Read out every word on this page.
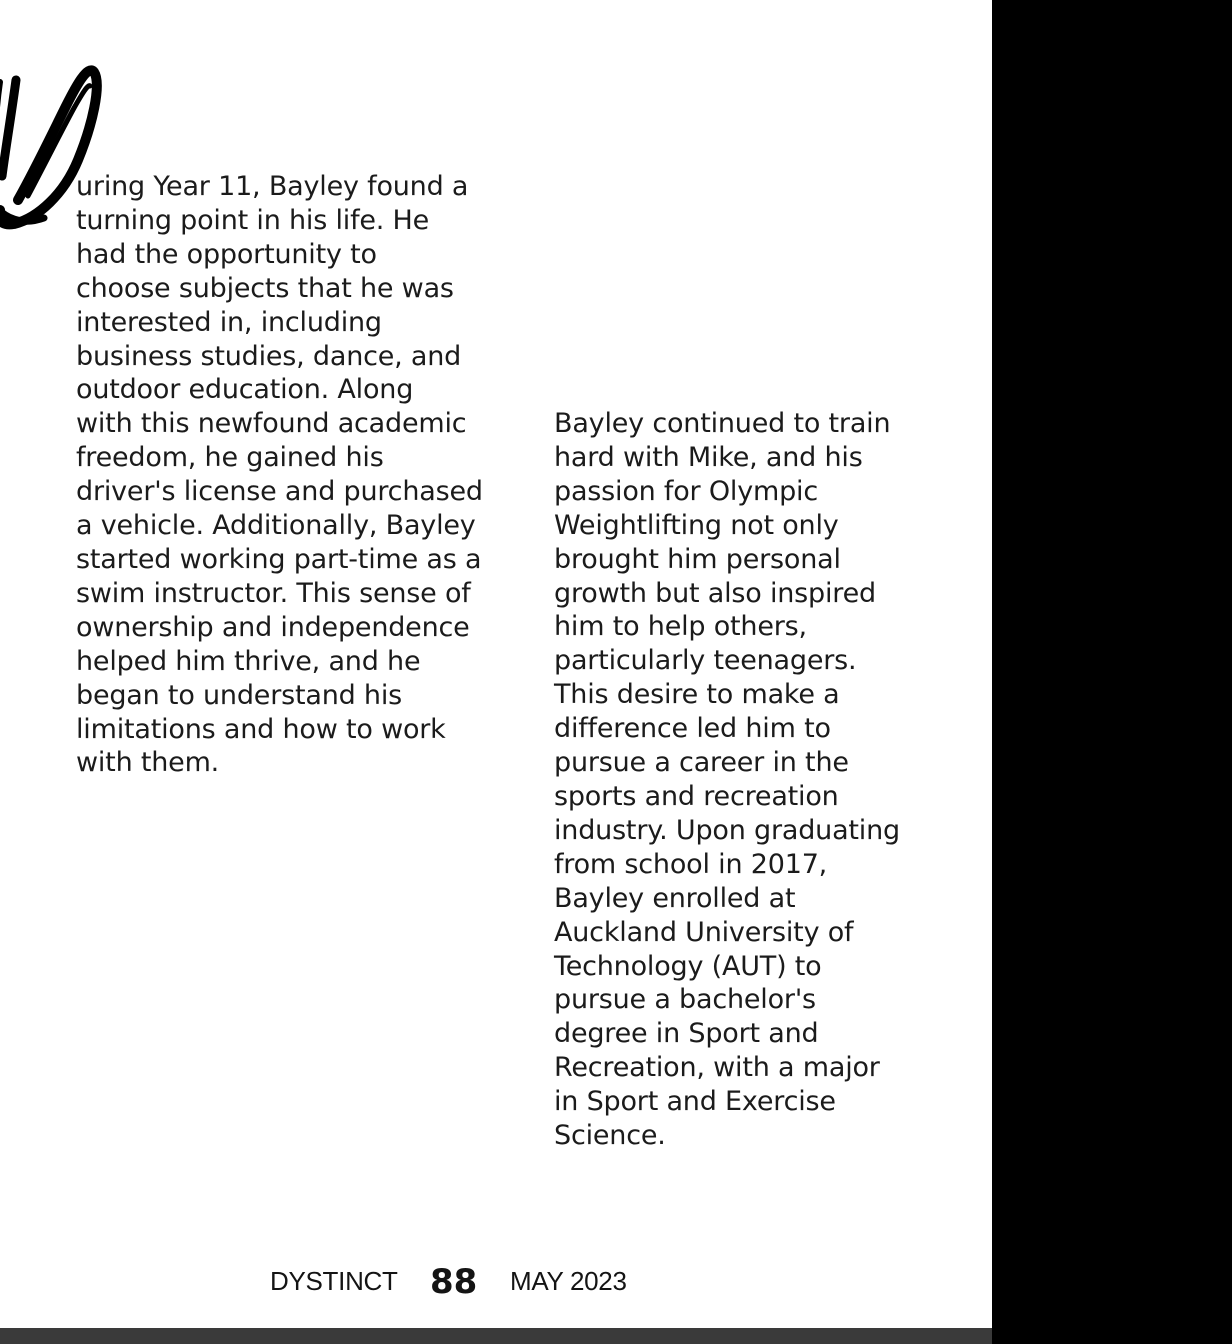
uring Year 11, Bayley found a
turning point in his life. He
had the opportunity to
choose subjects that he was
interested in, including
business studies, dance, and
outdoor education. Along
with this newfound academic
freedom, he gained his
driver's license and purchased
a vehicle. Additionally, Bayley
started working part-time as a
swim instructor. This sense of
ownership and independence
helped him thrive, and he
began to understand his
limitations and how to work
with them.
Bayley continued to train
hard with Mike, and his
passion for Olympic
Weightlifting not only
brought him personal
growth but also inspired
him to help others,
particularly teenagers.
This desire to make a
difference led him to
pursue a career in the
sports and recreation
industry. Upon graduating
from school in 2017,
Bayley enrolled at
Auckland University of
Technology (AUT) to
pursue a bachelor's
degree in Sport and
Recreation, with a major
in Sport and Exercise
Science.
DYSTINCT 88 MAY 2023
